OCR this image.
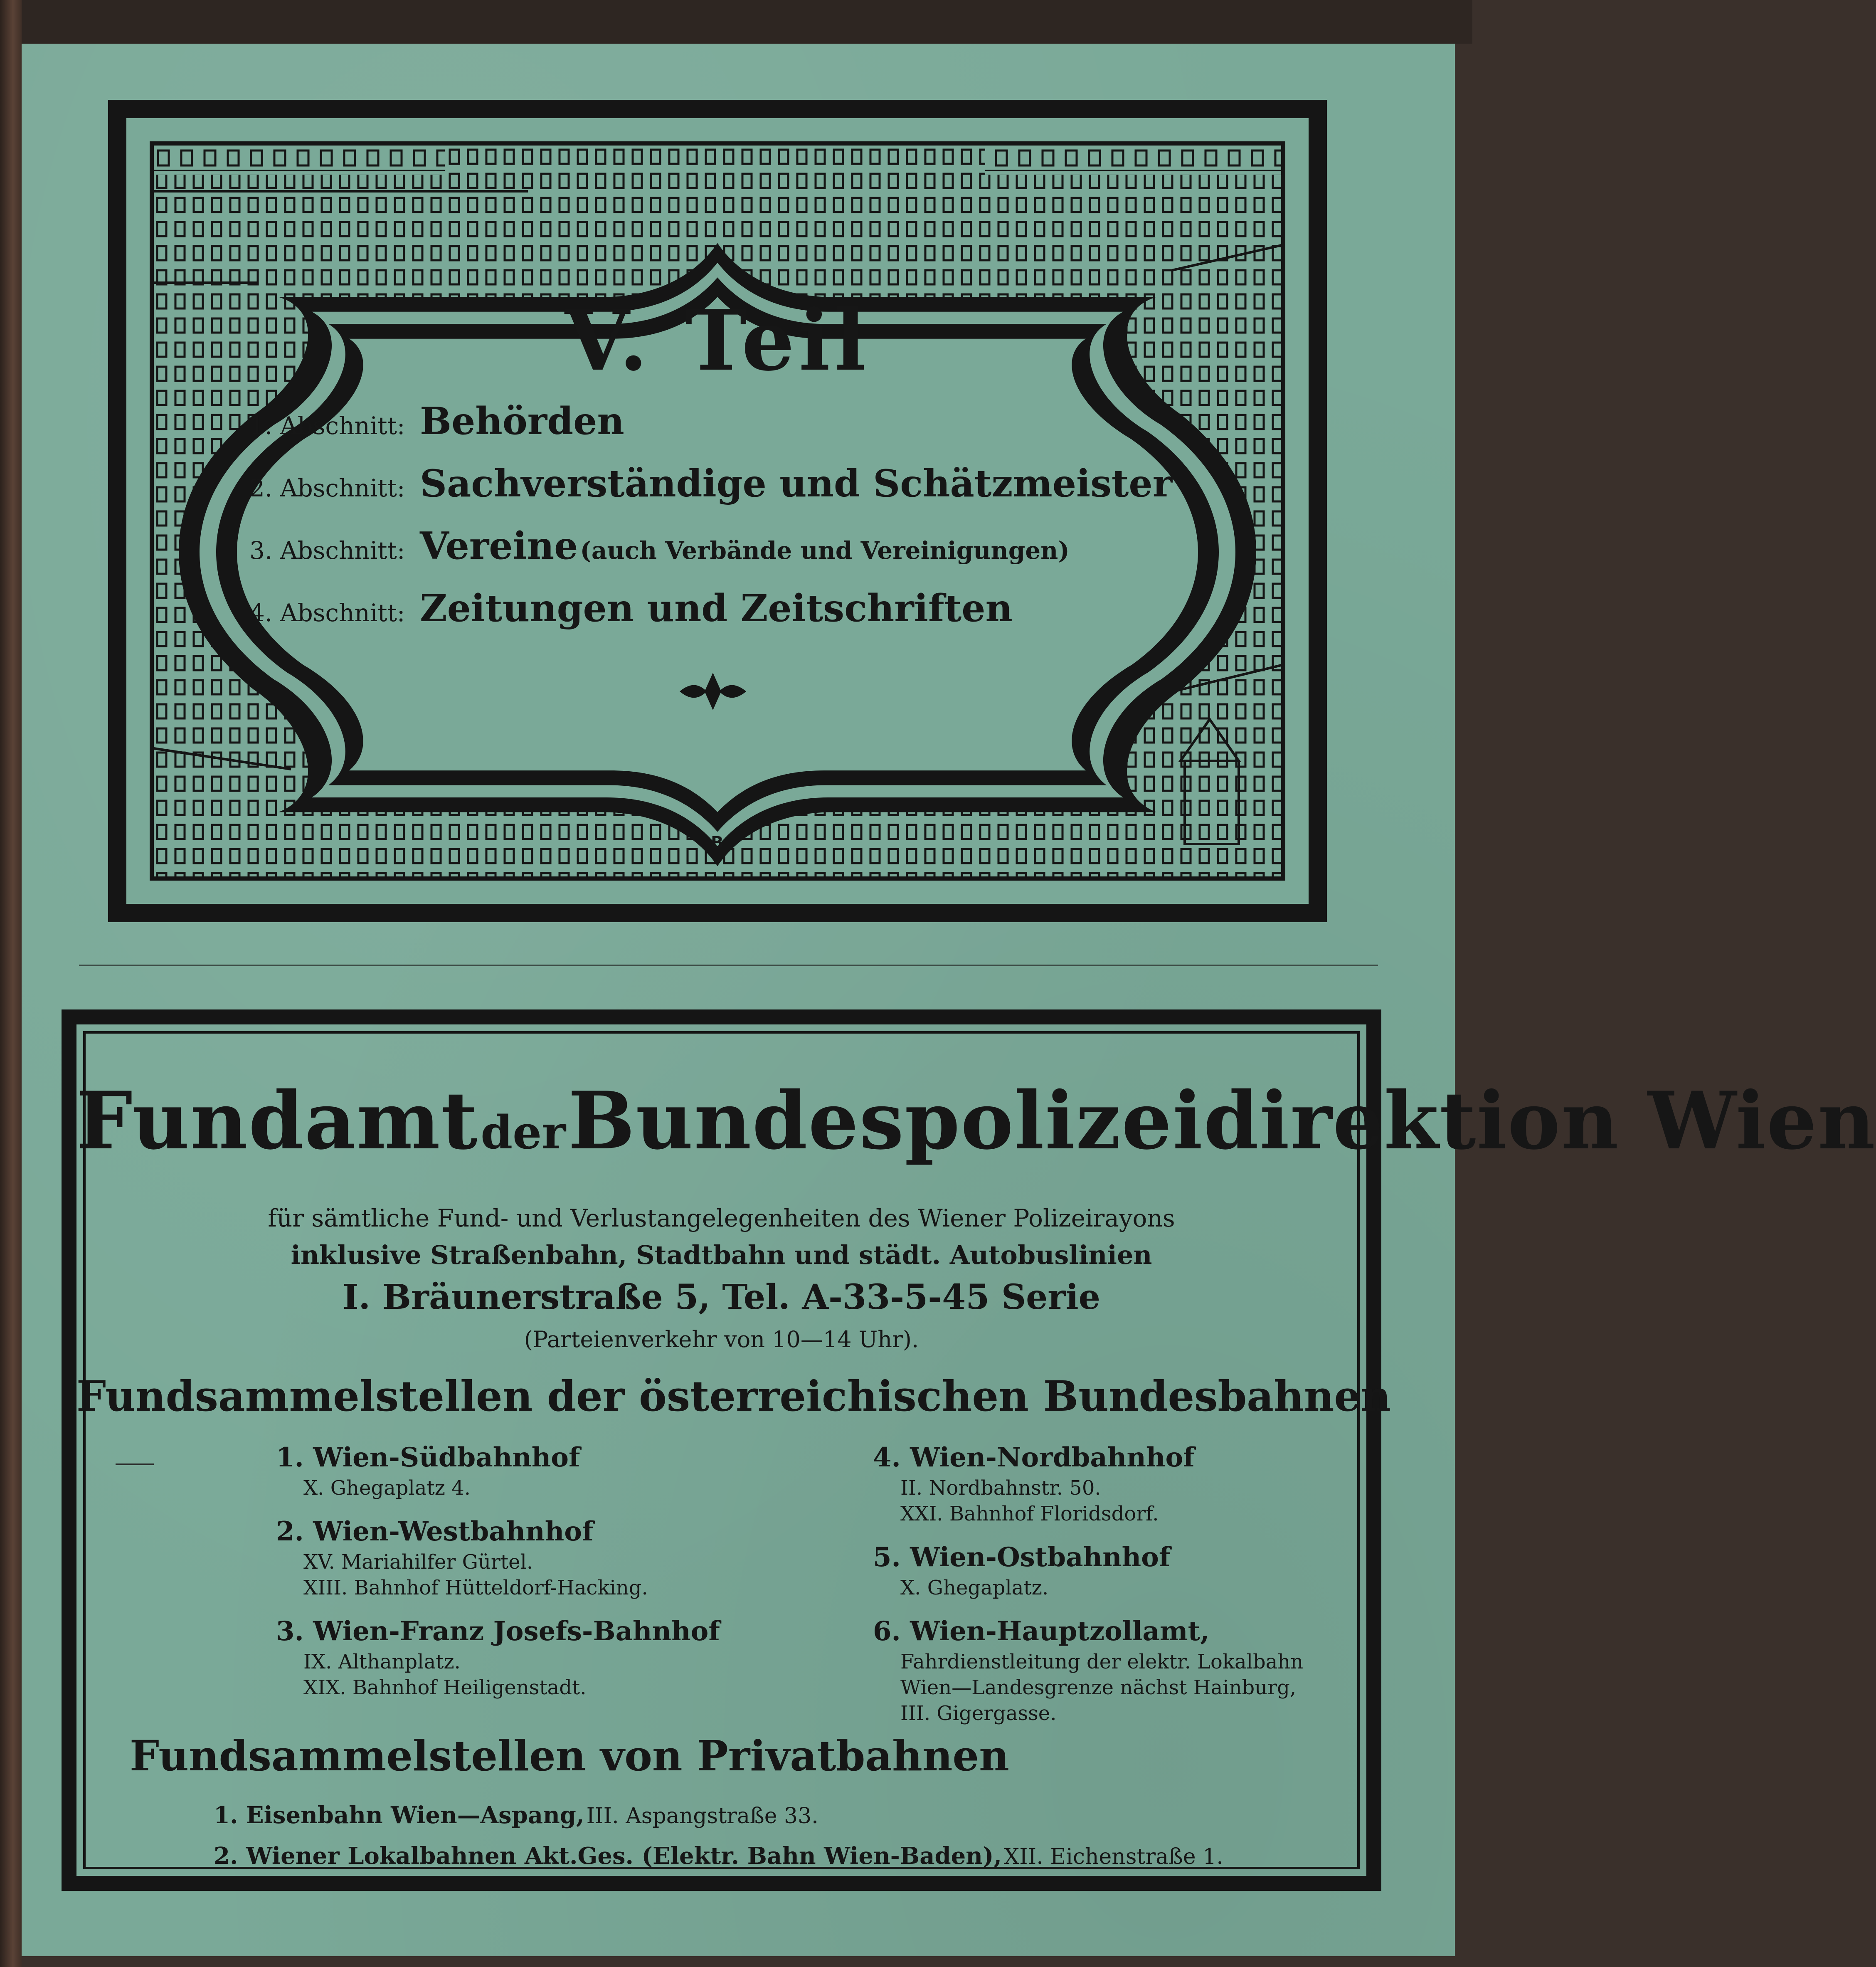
B
V. Teil
1. Abschnitt: Behörden
2. Abschnitt: Sachverständige und Schätzmeister
3. Abschnitt: Vereine (auch Verbände und Vereinigungen)
4. Abschnitt: Zeitungen und Zeitschriften
Fundamt der Bundespolizeidirektion Wien
für sämtliche Fund- und Verlustangelegenheiten des Wiener Polizeirayons
inklusive Straßenbahn, Stadtbahn und städt. Autobuslinien
I. Bräunerstraße 5, Tel. A-33-5-45 Serie
(Parteienverkehr von 10—14 Uhr).
Fundsammelstellen der österreichischen Bundesbahnen
1. Wien-Südbahnhof
X. Ghegaplatz 4.
2. Wien-Westbahnhof
XV. Mariahilfer Gürtel.
XIII. Bahnhof Hütteldorf-Hacking.
3. Wien-Franz Josefs-Bahnhof
IX. Althanplatz.
XIX. Bahnhof Heiligenstadt.
4. Wien-Nordbahnhof
II. Nordbahnstr. 50.
XXI. Bahnhof Floridsdorf.
5. Wien-Ostbahnhof
X. Ghegaplatz.
6. Wien-Hauptzollamt,
Fahrdienstleitung der elektr. Lokalbahn
Wien—Landesgrenze nächst Hainburg,
III. Gigergasse.
Fundsammelstellen von Privatbahnen
1. Eisenbahn Wien—Aspang, III. Aspangstraße 33.
2. Wiener Lokalbahnen Akt.Ges. (Elektr. Bahn Wien-Baden), XII. Eichenstraße 1.
